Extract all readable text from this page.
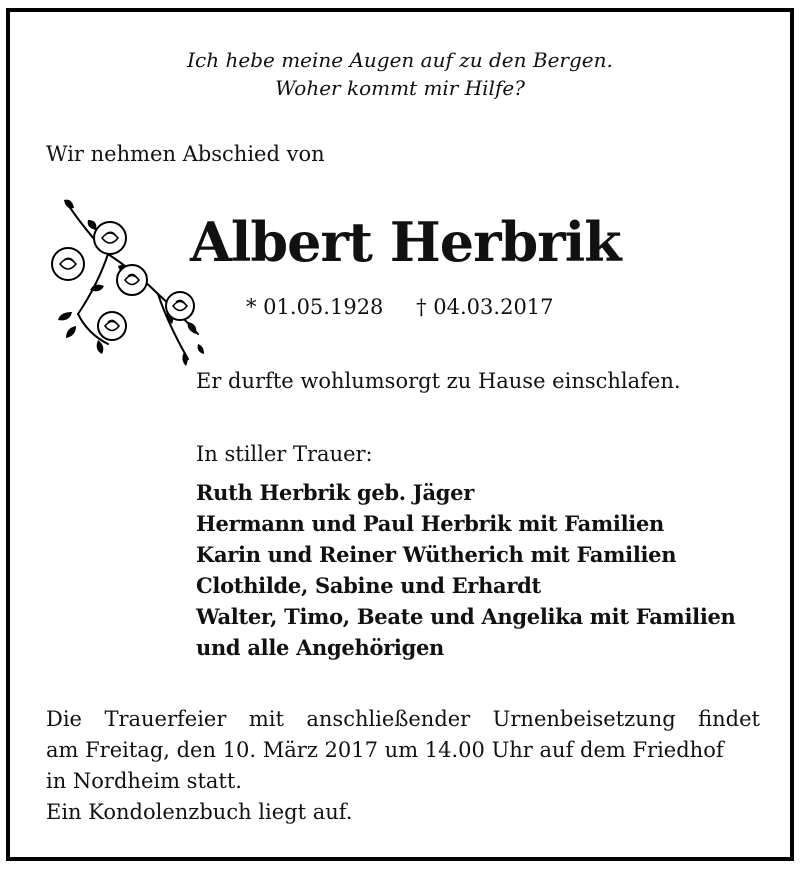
Ich hebe meine Augen auf zu den Bergen.
Woher kommt mir Hilfe?
Wir nehmen Abschied von
Albert Herbrik
* 01.05.1928 † 04.03.2017
Er durfte wohlumsorgt zu Hause einschlafen.
In stiller Trauer:
Ruth Herbrik geb. Jäger
Hermann und Paul Herbrik mit Familien
Karin und Reiner Wütherich mit Familien
Clothilde, Sabine und Erhardt
Walter, Timo, Beate und Angelika mit Familien
und alle Angehörigen
Die Trauerfeier mit anschließender Urnenbeisetzung findet
am Freitag, den 10. März 2017 um 14.00 Uhr auf dem Friedhof
in Nordheim statt.
Ein Kondolenzbuch liegt auf.
